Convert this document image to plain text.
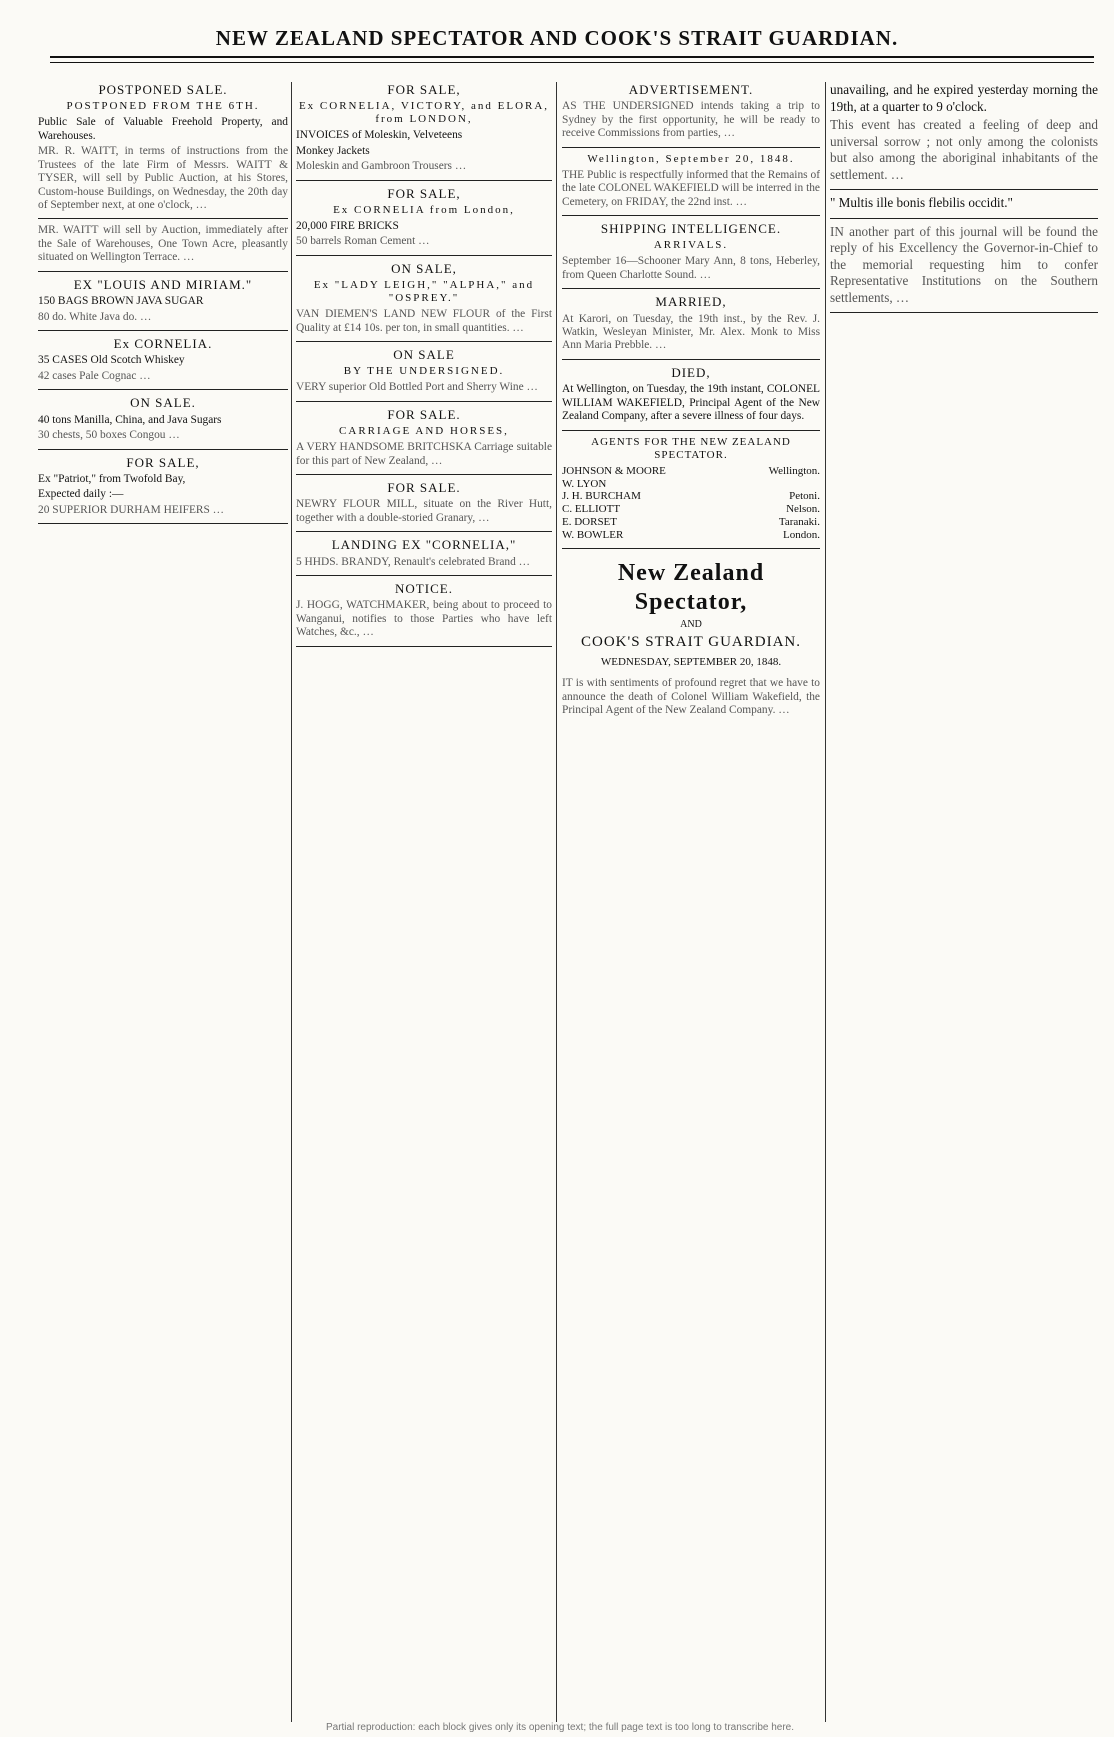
NEW ZEALAND SPECTATOR AND COOK'S STRAIT GUARDIAN.
POSTPONED SALE.
POSTPONED FROM THE 6TH.

Public Sale of Valuable Freehold Property, and Warehouses.

MR. R. WAITT, in terms of instructions from the Trustees of the late Firm of Messrs. WAITT & TYSER, will sell by Public Auction, at his Stores, Custom-house Buildings, on Wednesday, the 20th day of September next, at one o'clock, …

MR. WAITT will sell by Auction, immediately after the Sale of Warehouses, One Town Acre, pleasantly situated on Wellington Terrace. …

EX "LOUIS AND MIRIAM."

150 BAGS BROWN JAVA SUGAR

80 do. White Java do. …

Ex CORNELIA.

35 CASES Old Scotch Whiskey

42 cases Pale Cognac …

ON SALE.

40 tons Manilla, China, and Java Sugars

30 chests, 50 boxes Congou …

FOR SALE,

Ex "Patriot," from Twofold Bay,

Expected daily :—

20 SUPERIOR DURHAM HEIFERS …

FOR SALE,
Ex CORNELIA, VICTORY, and ELORA, from LONDON,

INVOICES of Moleskin, Velveteens

Monkey Jackets

Moleskin and Gambroon Trousers …

FOR SALE,
Ex CORNELIA from London,

20,000 FIRE BRICKS

50 barrels Roman Cement …

ON SALE,
Ex "LADY LEIGH," "ALPHA," and "OSPREY."

VAN DIEMEN'S LAND NEW FLOUR of the First Quality at £14 10s. per ton, in small quantities. …

ON SALE
BY THE UNDERSIGNED.

VERY superior Old Bottled Port and Sherry Wine …

FOR SALE.
CARRIAGE AND HORSES,

A VERY HANDSOME BRITCHSKA Carriage suitable for this part of New Zealand, …

FOR SALE.

NEWRY FLOUR MILL, situate on the River Hutt, together with a double-storied Granary, …

LANDING EX "CORNELIA,"

5 HHDS. BRANDY, Renault's celebrated Brand …

NOTICE.

J. HOGG, WATCHMAKER, being about to proceed to Wanganui, notifies to those Parties who have left Watches, &c., …

ADVERTISEMENT.

AS THE UNDERSIGNED intends taking a trip to Sydney by the first opportunity, he will be ready to receive Commissions from parties, …

Wellington, September 20, 1848.

THE Public is respectfully informed that the Remains of the late COLONEL WAKEFIELD will be interred in the Cemetery, on FRIDAY, the 22nd inst. …

SHIPPING INTELLIGENCE.
ARRIVALS.

September 16—Schooner Mary Ann, 8 tons, Heberley, from Queen Charlotte Sound. …

MARRIED,

At Karori, on Tuesday, the 19th inst., by the Rev. J. Watkin, Wesleyan Minister, Mr. Alex. Monk to Miss Ann Maria Prebble. …

DIED,

At Wellington, on Tuesday, the 19th instant, COLONEL WILLIAM WAKEFIELD, Principal Agent of the New Zealand Company, after a severe illness of four days.

AGENTS FOR THE NEW ZEALAND SPECTATOR.
JOHNSON & MOORE	Wellington.
W. LYON
J. H. BURCHAM	Petoni.
C. ELLIOTT	Nelson.
E. DORSET	Taranaki.
W. BOWLER	London.
New Zealand Spectator,
AND
COOK'S STRAIT GUARDIAN.
WEDNESDAY, SEPTEMBER 20, 1848.

IT is with sentiments of profound regret that we have to announce the death of Colonel William Wakefield, the Principal Agent of the New Zealand Company. …

unavailing, and he expired yesterday morning the 19th, at a quarter to 9 o'clock.

This event has created a feeling of deep and universal sorrow ; not only among the colonists but also among the aboriginal inhabitants of the settlement. …

" Multis ille bonis flebilis occidit."

IN another part of this journal will be found the reply of his Excellency the Governor-in-Chief to the memorial requesting him to confer Representative Institutions on the Southern settlements, …

Partial reproduction: each block gives only its opening text; the full page text is too long to transcribe here.
